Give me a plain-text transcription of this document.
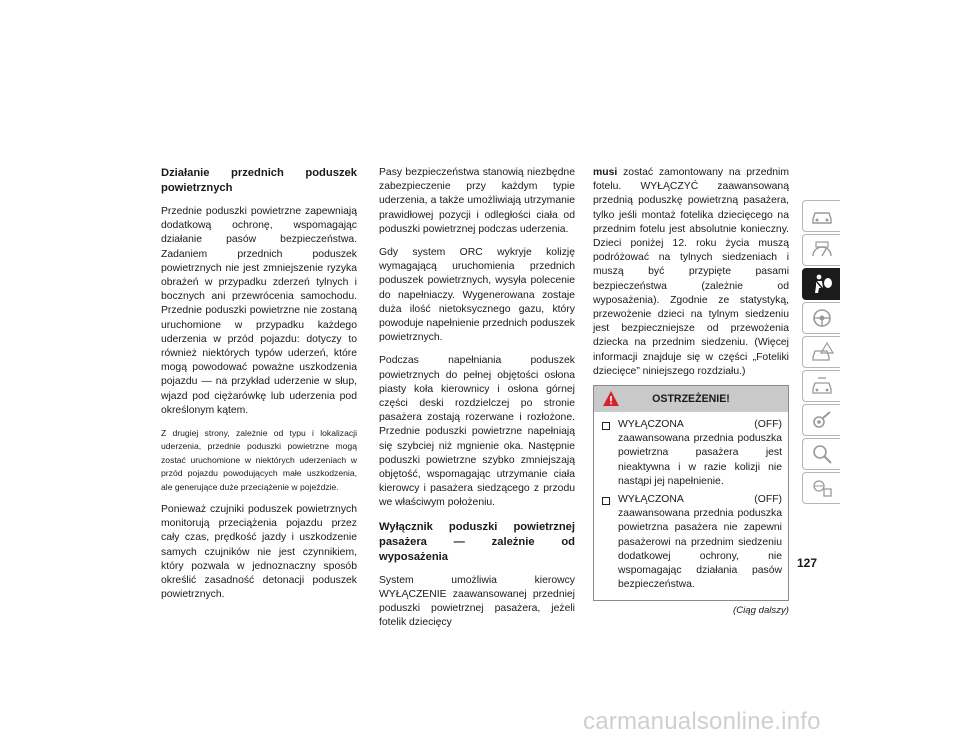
Działanie przednich poduszek powietrznych

Przednie poduszki powietrzne zapewniają dodatkową ochronę, wspomagając działanie pasów bezpieczeństwa. Zadaniem przednich poduszek powietrznych nie jest zmniejszenie ryzyka obrażeń w przypadku zderzeń tylnych i bocznych ani przewrócenia samochodu. Przednie poduszki powietrzne nie zostaną uruchomione w przypadku każdego uderzenia w przód pojazdu: dotyczy to również niektórych typów uderzeń, które mogą powodować poważne uszkodzenia pojazdu — na przykład uderzenie w słup, wjazd pod ciężarówkę lub uderzenia pod określonym kątem.

Z drugiej strony, zależnie od typu i lokalizacji uderzenia, przednie poduszki powietrzne mogą zostać uruchomione w niektórych uderzeniach w przód pojazdu powodujących małe uszkodzenia, ale generujące duże przeciążenie w pojeździe.

Ponieważ czujniki poduszek powietrznych monitorują przeciążenia pojazdu przez cały czas, prędkość jazdy i uszkodzenie samych czujników nie jest czynnikiem, który pozwala w jednoznaczny sposób określić zasadność detonacji poduszek powietrznych.

Pasy bezpieczeństwa stanowią niezbędne zabezpieczenie przy każdym typie uderzenia, a także umożliwiają utrzymanie prawidłowej pozycji i odległości ciała od poduszki powietrznej podczas uderzenia.

Gdy system ORC wykryje kolizję wymagającą uruchomienia przednich poduszek powietrznych, wysyła polecenie do napełniaczy. Wygenerowana zostaje duża ilość nietoksycznego gazu, który powoduje napełnienie przednich poduszek powietrznych.

Podczas napełniania poduszek powietrznych do pełnej objętości osłona piasty koła kierownicy i osłona górnej części deski rozdzielczej po stronie pasażera zostają rozerwane i rozłożone. Przednie poduszki powietrzne napełniają się szybciej niż mgnienie oka. Następnie poduszki powietrzne szybko zmniejszają objętość, wspomagając utrzymanie ciała kierowcy i pasażera siedzącego z przodu we właściwym położeniu.

Wyłącznik poduszki powietrznej pasażera — zależnie od wyposażenia

System umożliwia kierowcy WYŁĄCZENIE zaawansowanej przedniej poduszki powietrznej pasażera, jeżeli fotelik dziecięcy

musi zostać zamontowany na przednim fotelu. WYŁĄCZYĆ zaawansowaną przednią poduszkę powietrzną pasażera, tylko jeśli montaż fotelika dziecięcego na przednim fotelu jest absolutnie konieczny. Dzieci poniżej 12. roku życia muszą podróżować na tylnych siedzeniach i muszą być przypięte pasami bezpieczeństwa (zależnie od wyposażenia). Zgodnie ze statystyką, przewożenie dzieci na tylnym siedzeniu jest bezpieczniejsze od przewożenia dziecka na przednim siedzeniu. (Więcej informacji znajduje się w części „Foteliki dziecięce” niniejszego rozdziału.)

OSTRZEŻENIE!
WYŁĄCZONA (OFF) zaawansowana przednia poduszka powietrzna pasażera jest nieaktywna i w razie kolizji nie nastąpi jej napełnienie.
WYŁĄCZONA (OFF) zaawansowana przednia poduszka powietrzna pasażera nie zapewni pasażerowi na przednim siedzeniu dodatkowej ochrony, nie wspomagając działania pasów bezpieczeństwa.
(Ciąg dalszy)
127
carmanualsonline.info
